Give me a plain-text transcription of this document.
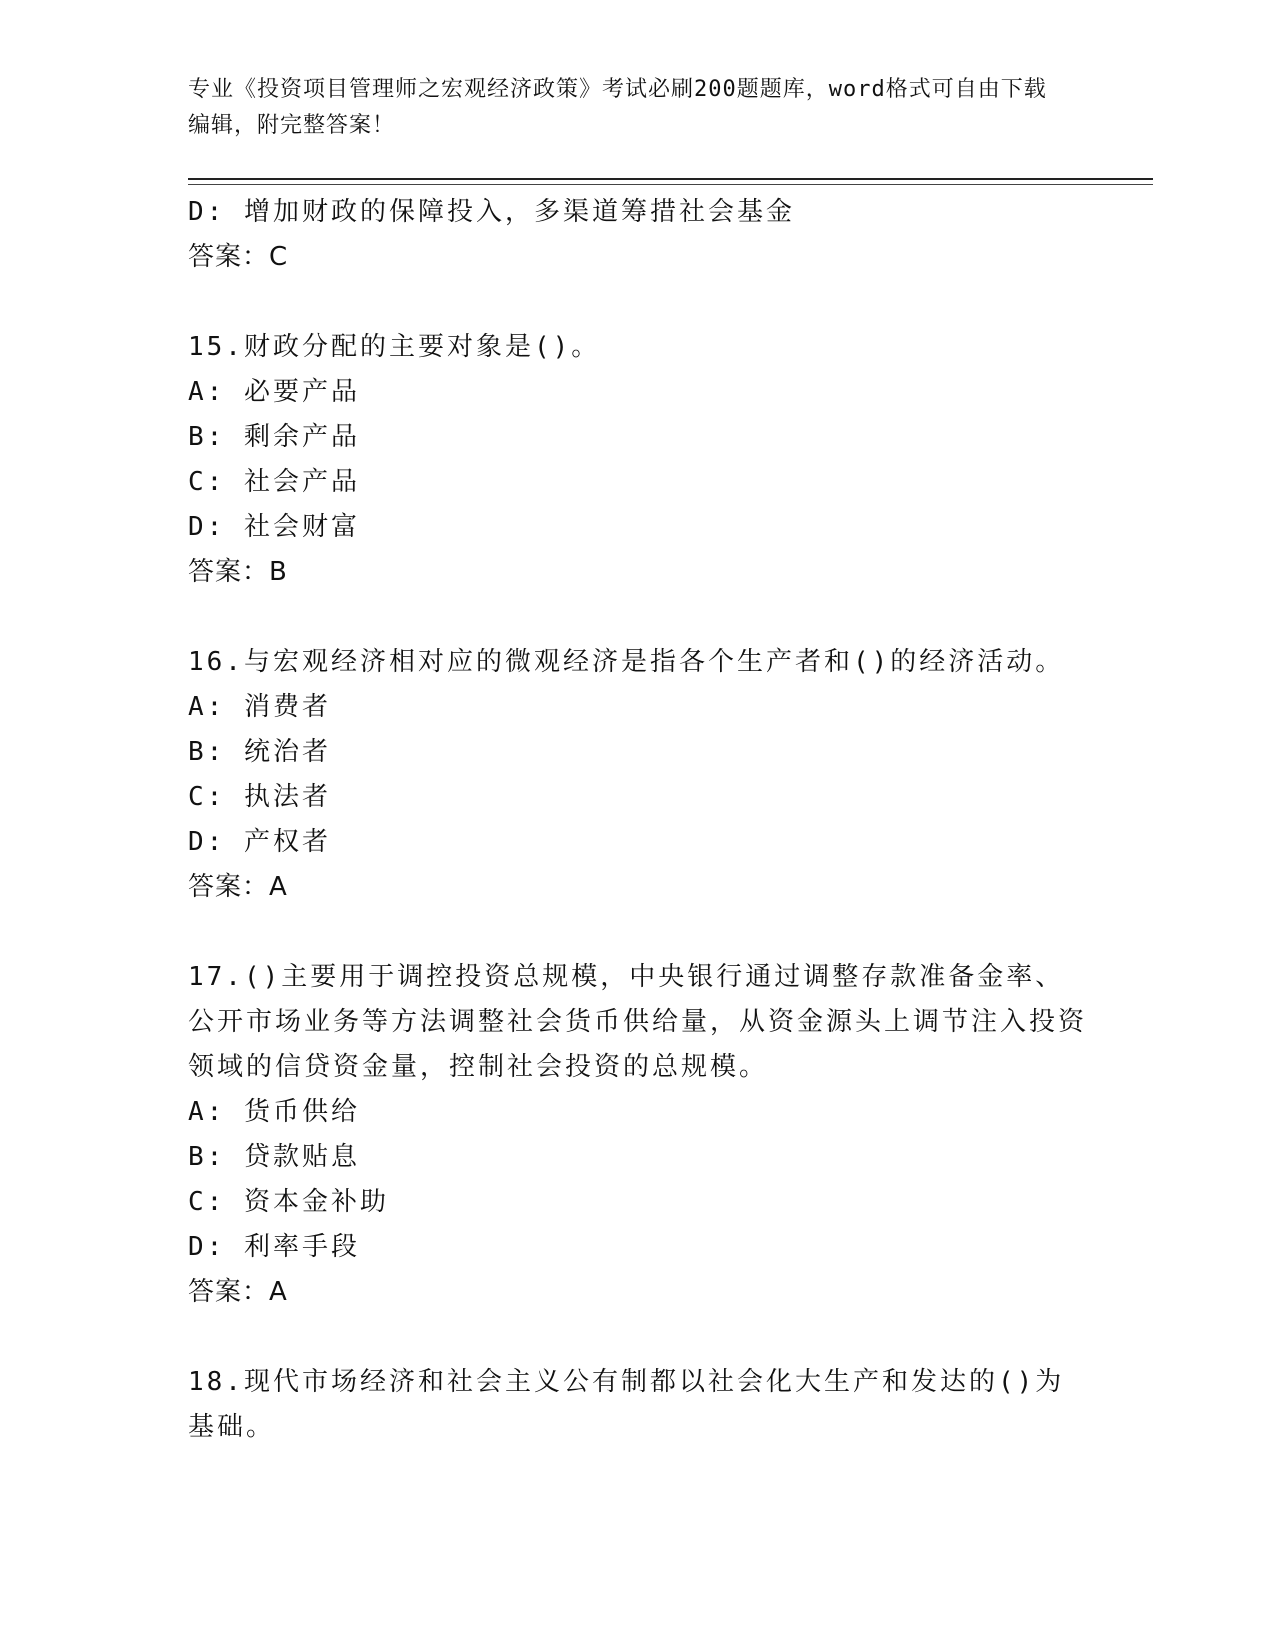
专业《投资项目管理师之宏观经济政策》考试必刷200题题库，word格式可自由下载编辑，附完整答案！
D: 增加财政的保障投入，多渠道筹措社会基金
答案：C
15.财政分配的主要对象是()。
A: 必要产品
B: 剩余产品
C: 社会产品
D: 社会财富
答案：B
16.与宏观经济相对应的微观经济是指各个生产者和()的经济活动。
A: 消费者
B: 统治者
C: 执法者
D: 产权者
答案：A
17.()主要用于调控投资总规模，中央银行通过调整存款准备金率、公开市场业务等方法调整社会货币供给量，从资金源头上调节注入投资领域的信贷资金量，控制社会投资的总规模。
A: 货币供给
B: 贷款贴息
C: 资本金补助
D: 利率手段
答案：A
18.现代市场经济和社会主义公有制都以社会化大生产和发达的()为基础。
